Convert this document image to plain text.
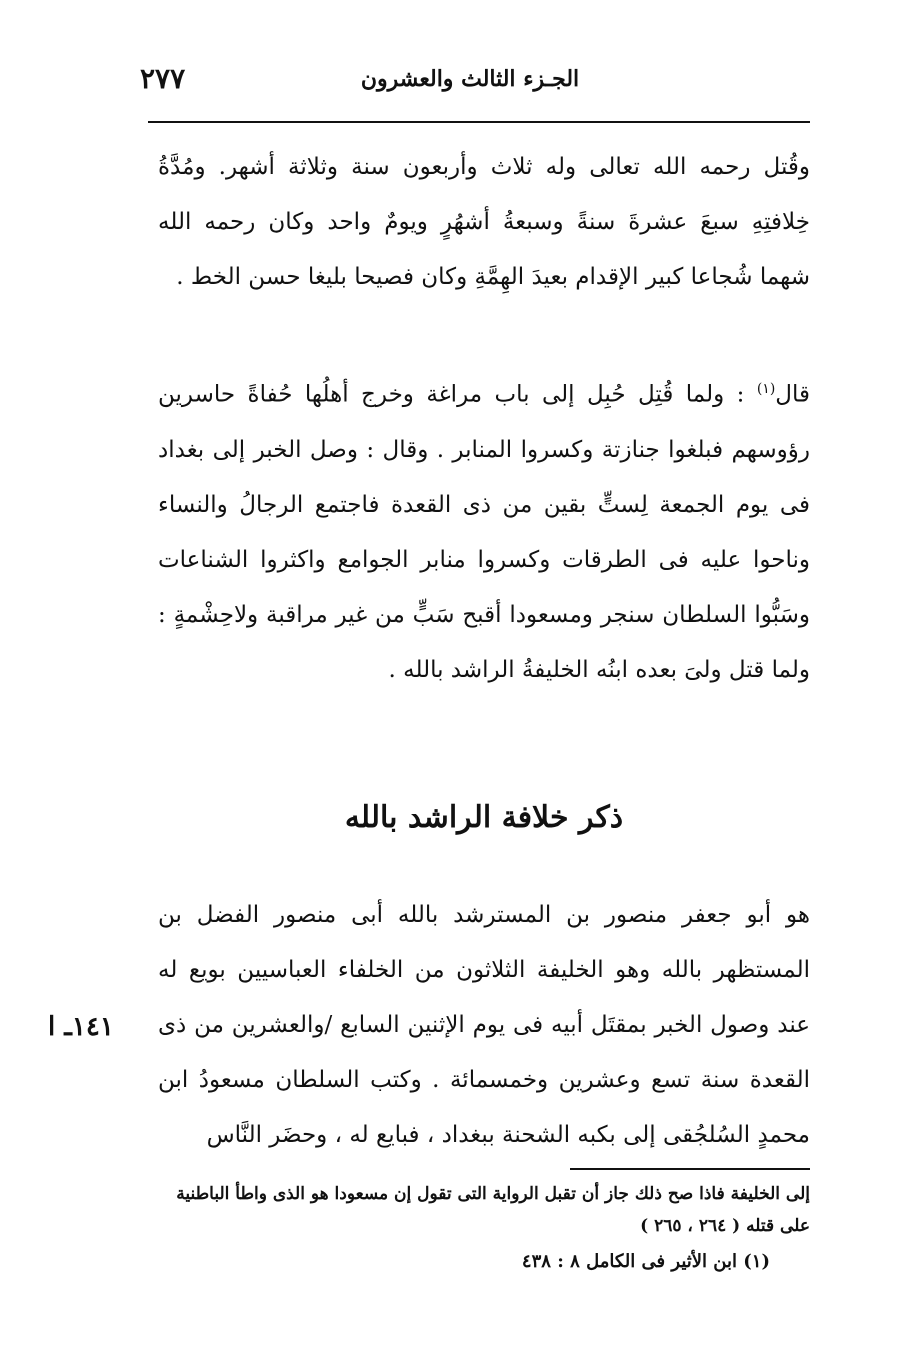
٢٧٧	الجـزء الثالث والعشرون

وقُتل رحمه الله تعالى وله ثلاث وأربعون سنة وثلاثة أشهر. ومُدَّةُ خِلافتِهِ سبعَ عشرةَ سنةً وسبعةُ أشهُرٍ ويومٌ واحد وكان رحمه الله شهما شُجاعا كبير الإقدام بعيدَ الهِمَّةِ وكان فصيحا بليغا حسن الخط .

قال$^{(١)}$ : ولما قُتِل حُبِل إلى باب مراغة وخرج أهلُها حُفاةً حاسرين رؤوسهم فبلغوا جنازتة وكسروا المنابر . وقال : وصل الخبر إلى بغداد فى يوم الجمعة لِستٍّ بقين من ذى القعدة فاجتمع الرجالُ والنساء وناحوا عليه فى الطرقات وكسروا منابر الجوامع واكثروا الشناعات وسَبُّوا السلطان سنجر ومسعودا أقبح سَبٍّ من غير مراقبة ولاحِشْمةٍ : ولما قتل ولىَ بعده ابنُه الخليفةُ الراشد بالله .

ذكر خلافة الراشد بالله

هو أبو جعفر منصور بن المسترشد بالله أبى منصور الفضل بن المستظهر بالله وهو الخليفة الثلاثون من الخلفاء العباسيين بويع له عند وصول الخبر بمقتَل أبيه فى يوم الإثنين السابع /والعشرين من ذى القعدة سنة تسع وعشرين وخمسمائة . وكتب السلطان مسعودُ ابن محمدٍ السُلجُقى إلى بكبه الشحنة ببغداد ، فبايع له ، وحضَر النَّاس

١٤١ـ ا

إلى الخليفة فاذا صح ذلك جاز أن تقبل الرواية التى تقول إن مسعودا هو الذى واطأ الباطنية على قتله ( ٢٦٤ ، ٢٦٥ )

(١) ابن الأثير فى الكامل ٨ : ٤٣٨
